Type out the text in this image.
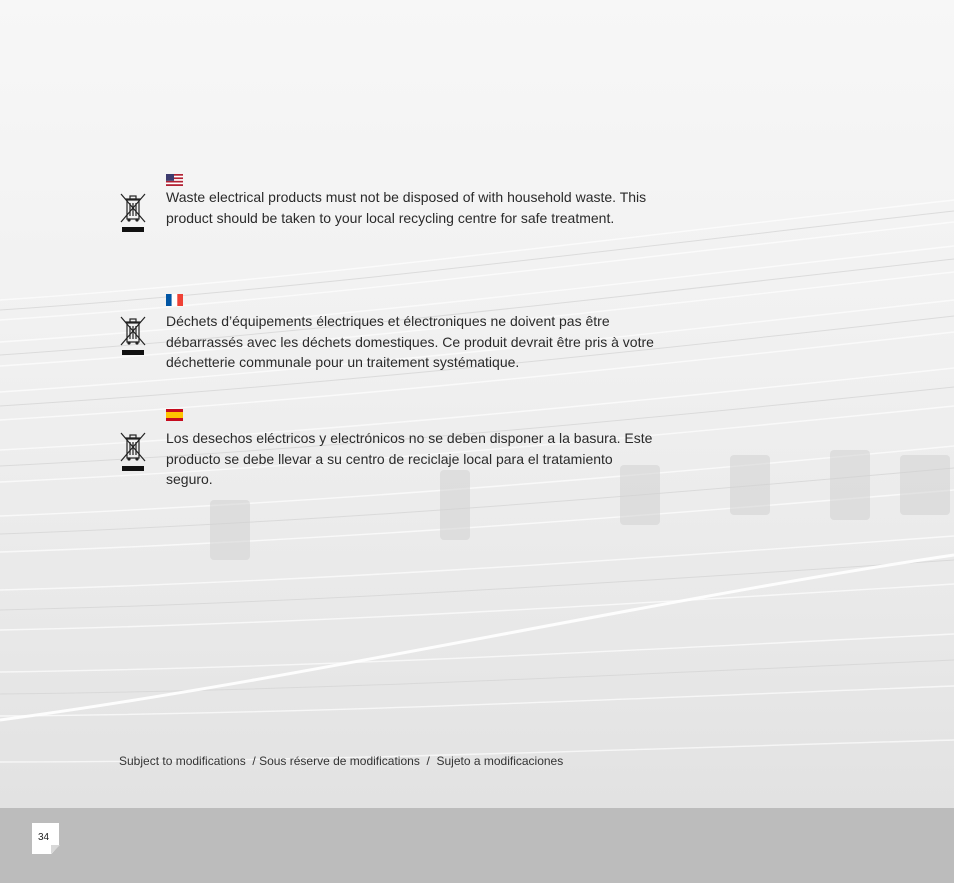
Waste electrical products must not be disposed of with household waste. This product should be taken to your local recycling centre for safe treatment.

Déchets d’équipements électriques et électroniques ne doivent pas être débarrassés avec les déchets domestiques. Ce produit devrait être pris à votre déchetterie communale pour un traitement systématique.

Los desechos eléctricos y electrónicos no se deben disponer a la basura. Este producto se debe llevar a su centro de reciclaje local para el tratamiento seguro.

Subject to modifications  / Sous réserve de modifications  /  Sujeto a modificaciones
34
